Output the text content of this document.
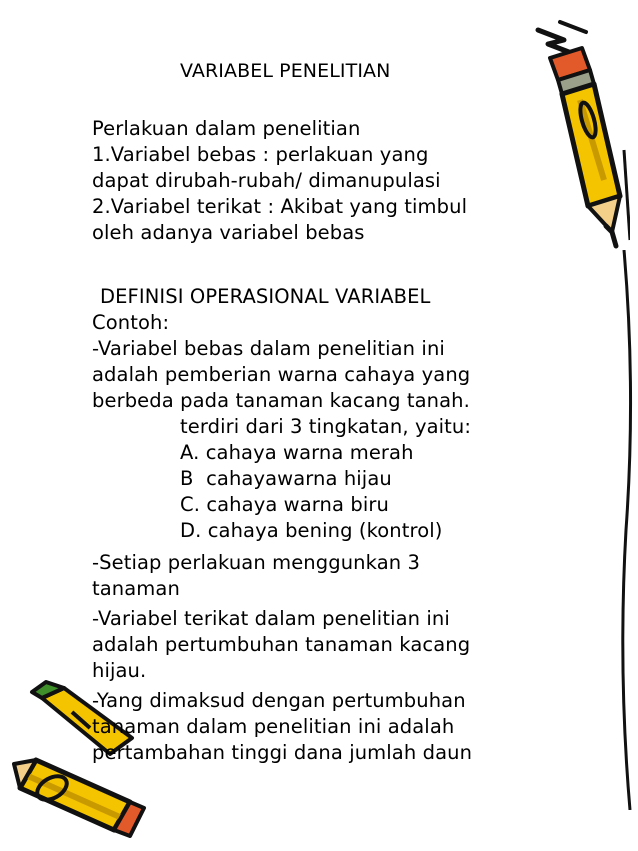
VARIABEL PENELITIAN
Perlakuan dalam penelitian
1.Variabel bebas : perlakuan yang
dapat dirubah-rubah/ dimanupulasi
2.Variabel terikat : Akibat yang timbul
oleh adanya variabel bebas
DEFINISI OPERASIONAL VARIABEL
Contoh:
-Variabel bebas dalam penelitian ini
adalah pemberian warna cahaya yang
berbeda pada tanaman kacang tanah.
terdiri dari 3 tingkatan, yaitu:
A. cahaya warna merah
B  cahayawarna hijau
C. cahaya warna biru
D. cahaya bening (kontrol)
-Setiap perlakuan menggunkan 3
tanaman
-Variabel terikat dalam penelitian ini
adalah pertumbuhan tanaman kacang
hijau.
-Yang dimaksud dengan pertumbuhan
tanaman dalam penelitian ini adalah
pertambahan tinggi dana jumlah daun
